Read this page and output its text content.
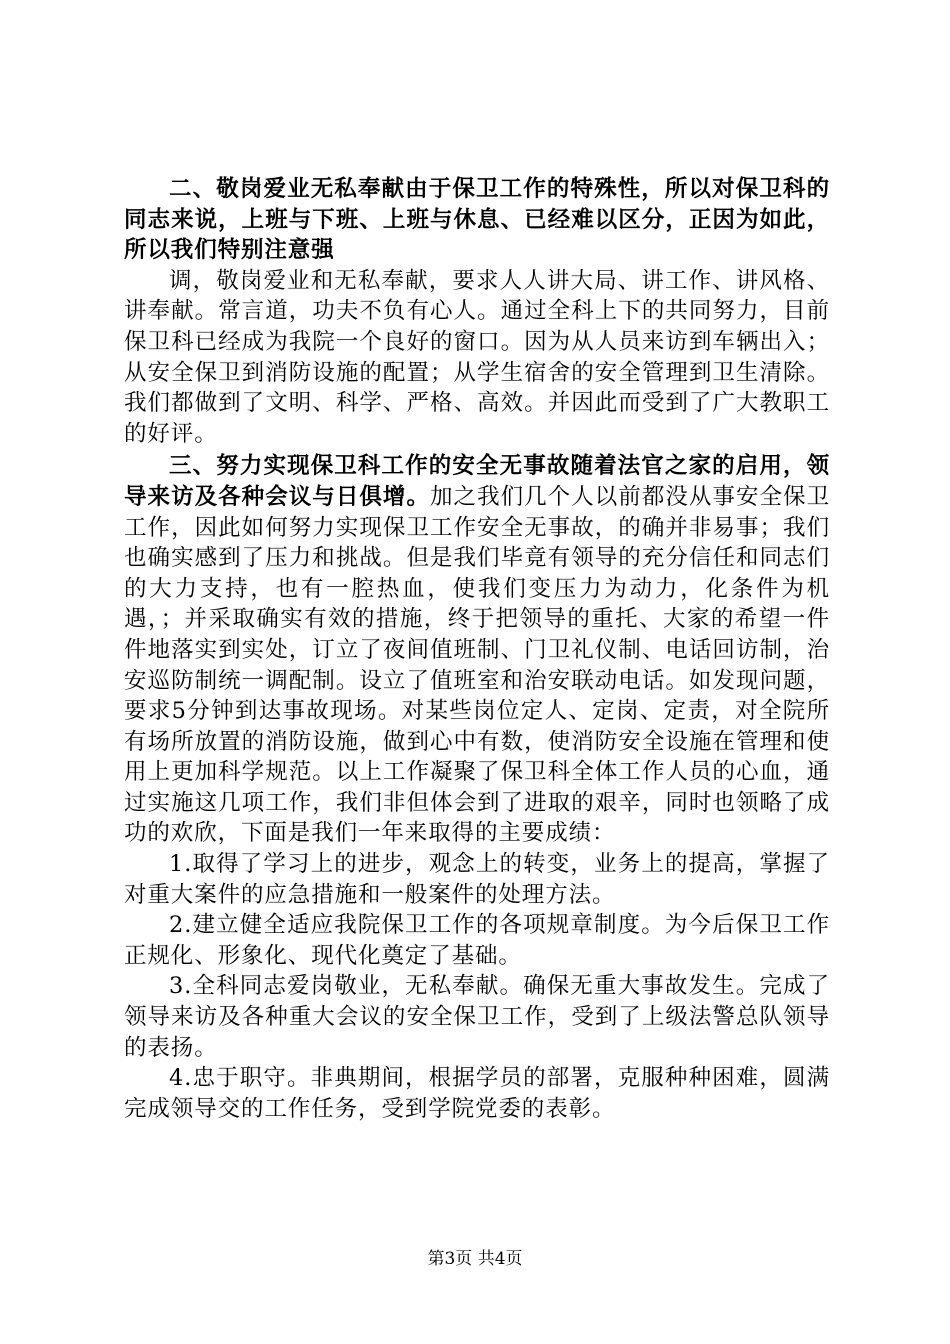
二、敬岗爱业无私奉献由于保卫工作的特殊性，所以对保卫科的同志来说，上班与下班、上班与休息、已经难以区分，正因为如此，所以我们特别注意强

调，敬岗爱业和无私奉献，要求人人讲大局、讲工作、讲风格、讲奉献。常言道，功夫不负有心人。通过全科上下的共同努力，目前保卫科已经成为我院一个良好的窗口。因为从人员来访到车辆出入；从安全保卫到消防设施的配置；从学生宿舍的安全管理到卫生清除。我们都做到了文明、科学、严格、高效。并因此而受到了广大教职工的好评。

三、努力实现保卫科工作的安全无事故随着法官之家的启用，领导来访及各种会议与日俱增。加之我们几个人以前都没从事安全保卫工作，因此如何努力实现保卫工作安全无事故，的确并非易事；我们也确实感到了压力和挑战。但是我们毕竟有领导的充分信任和同志们的大力支持，也有一腔热血，使我们变压力为动力，化条件为机遇，；并采取确实有效的措施，终于把领导的重托、大家的希望一件件地落实到实处，订立了夜间值班制、门卫礼仪制、电话回访制，治安巡防制统一调配制。设立了值班室和治安联动电话。如发现问题，要求5分钟到达事故现场。对某些岗位定人、定岗、定责，对全院所有场所放置的消防设施，做到心中有数，使消防安全设施在管理和使用上更加科学规范。以上工作凝聚了保卫科全体工作人员的心血，通过实施这几项工作，我们非但体会到了进取的艰辛，同时也领略了成功的欢欣，下面是我们一年来取得的主要成绩：

1.取得了学习上的进步，观念上的转变，业务上的提高，掌握了对重大案件的应急措施和一般案件的处理方法。

2.建立健全适应我院保卫工作的各项规章制度。为今后保卫工作正规化、形象化、现代化奠定了基础。

3.全科同志爱岗敬业，无私奉献。确保无重大事故发生。完成了领导来访及各种重大会议的安全保卫工作，受到了上级法警总队领导的表扬。

4.忠于职守。非典期间，根据学员的部署，克服种种困难，圆满完成领导交的工作任务，受到学院党委的表彰。

第3页 共4页
